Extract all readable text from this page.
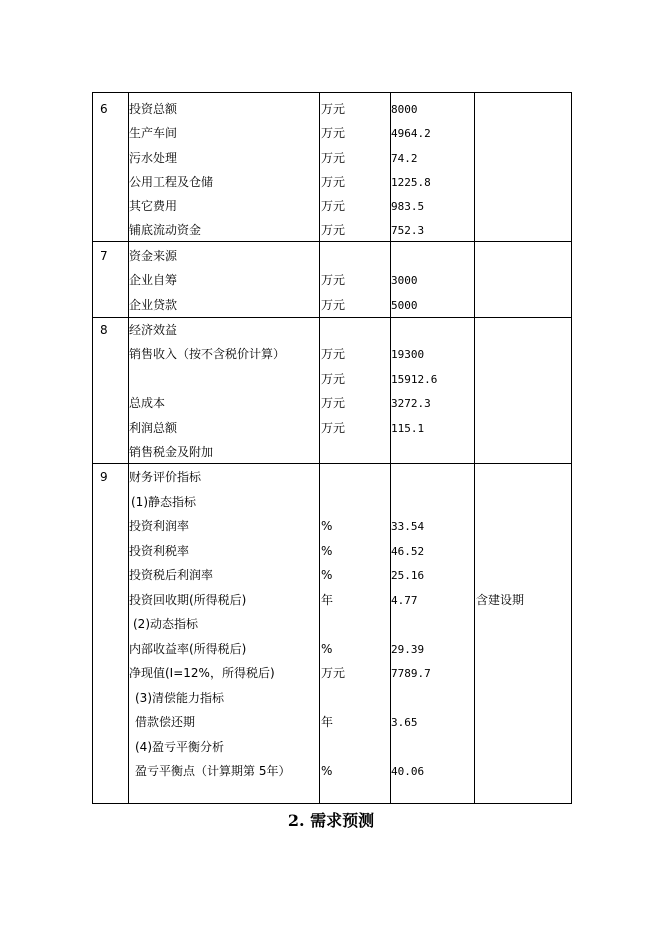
6 投资总额	万元	8000
生产车间	万元	4964.2
污水处理	万元	74.2
公用工程及仓储	万元	1225.8
其它费用	万元	983.5
铺底流动资金	万元	752.3
7 资金来源
企业自筹	万元	3000
企业贷款	万元	5000
8 经济效益
销售收入（按不含税价计算）	万元	19300
万元	15912.6
总成本	万元	3272.3
利润总额	万元	115.1
销售税金及附加
9 财务评价指标
(1)静态指标
投资利润率	%	33.54
投资利税率	%	46.52
投资税后利润率	%	25.16
投资回收期(所得税后)	年	4.77	含建设期
(2)动态指标
内部收益率(所得税后)	%	29.39
净现值(I=12%，所得税后)	万元	7789.7
(3)清偿能力指标
借款偿还期	年	3.65
(4)盈亏平衡分析
盈亏平衡点（计算期第 5年）	%	40.06
2. 需求预测
